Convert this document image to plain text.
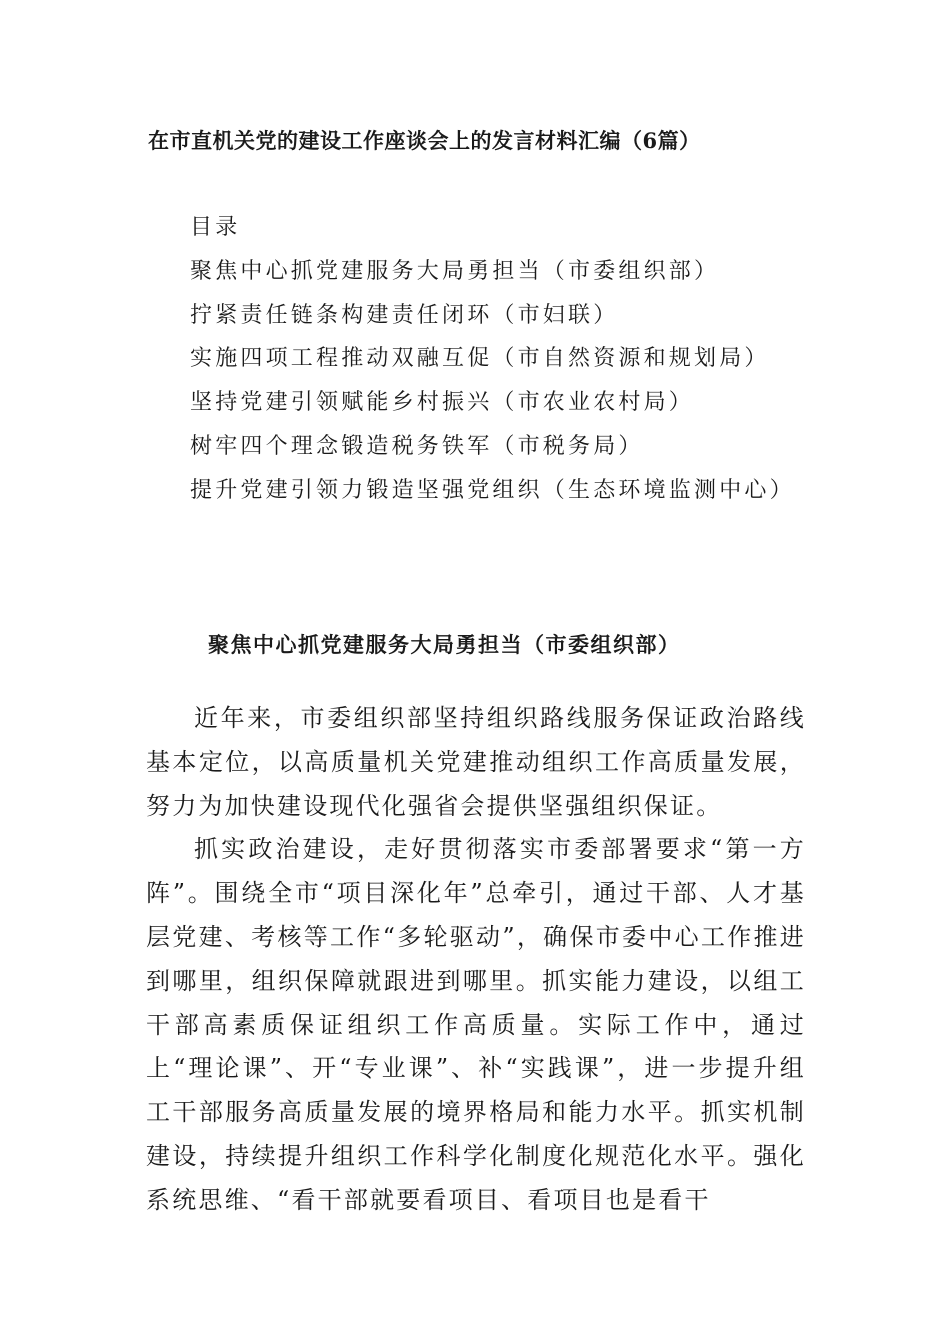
在市直机关党的建设工作座谈会上的发言材料汇编（6篇）
目录
聚焦中心抓党建服务大局勇担当（市委组织部）
拧紧责任链条构建责任闭环（市妇联）
实施四项工程推动双融互促（市自然资源和规划局）
坚持党建引领赋能乡村振兴（市农业农村局）
树牢四个理念锻造税务铁军（市税务局）
提升党建引领力锻造坚强党组织（生态环境监测中心）
聚焦中心抓党建服务大局勇担当（市委组织部）

近年来，市委组织部坚持组织路线服务保证政治路线基本定位，以高质量机关党建推动组织工作高质量发展，努力为加快建设现代化强省会提供坚强组织保证。

抓实政治建设，走好贯彻落实市委部署要求“第一方阵”。围绕全市“项目深化年”总牵引，通过干部、人才基层党建、考核等工作“多轮驱动”，确保市委中心工作推进到哪里，组织保障就跟进到哪里。抓实能力建设，以组工干部高素质保证组织工作高质量。实际工作中，通过上“理论课”、开“专业课”、补“实践课”，进一步提升组工干部服务高质量发展的境界格局和能力水平。抓实机制建设，持续提升组织工作科学化制度化规范化水平。强化系统思维、“看干部就要看项目、看项目也是看干
